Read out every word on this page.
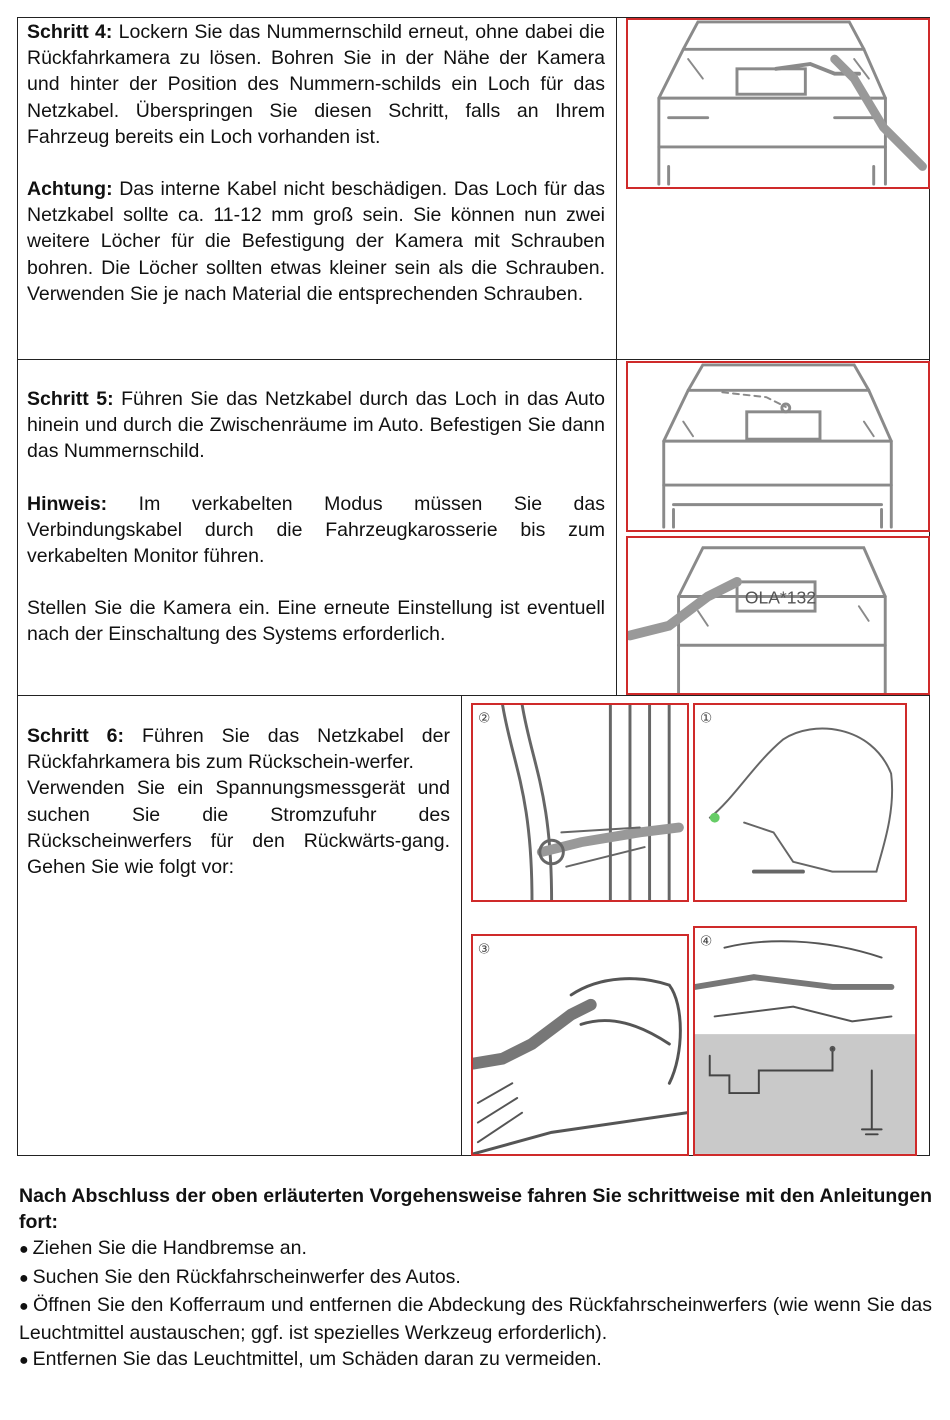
Schritt 4: Lockern Sie das Nummernschild erneut, ohne dabei die Rückfahrkamera zu lösen. Bohren Sie in der Nähe der Kamera und hinter der Position des Nummern-schilds ein Loch für das Netzkabel. Überspringen Sie diesen Schritt, falls an Ihrem Fahrzeug bereits ein Loch vorhanden ist.

Achtung: Das interne Kabel nicht beschädigen. Das Loch für das Netzkabel sollte ca. 11-12 mm groß sein. Sie können nun zwei weitere Löcher für die Befestigung der Kamera mit Schrauben bohren. Die Löcher sollten etwas kleiner sein als die Schrauben. Verwenden Sie je nach Material die entsprechenden Schrauben.

Schritt 5: Führen Sie das Netzkabel durch das Loch in das Auto hinein und durch die Zwischenräume im Auto. Befestigen Sie dann das Nummernschild.

Hinweis: Im verkabelten Modus müssen Sie das Verbindungskabel durch die Fahrzeugkarosserie bis zum verkabelten Monitor führen.

Stellen Sie die Kamera ein. Eine erneute Einstellung ist eventuell nach der Einschaltung des Systems erforderlich.

OLA*132

Schritt 6: Führen Sie das Netzkabel der Rückfahrkamera bis zum Rückschein-werfer.

Verwenden Sie ein Spannungsmessgerät und suchen Sie die Stromzufuhr des Rückscheinwerfers für den Rückwärts-gang. Gehen Sie wie folgt vor:

②	①
③	④

Nach Abschluss der oben erläuterten Vorgehensweise fahren Sie schrittweise mit den Anleitungen fort:

● Ziehen Sie die Handbremse an.

● Suchen Sie den Rückfahrscheinwerfer des Autos.

● Öffnen Sie den Kofferraum und entfernen die Abdeckung des Rückfahrscheinwerfers (wie wenn Sie das Leuchtmittel austauschen; ggf. ist spezielles Werkzeug erforderlich).

● Entfernen Sie das Leuchtmittel, um Schäden daran zu vermeiden.
